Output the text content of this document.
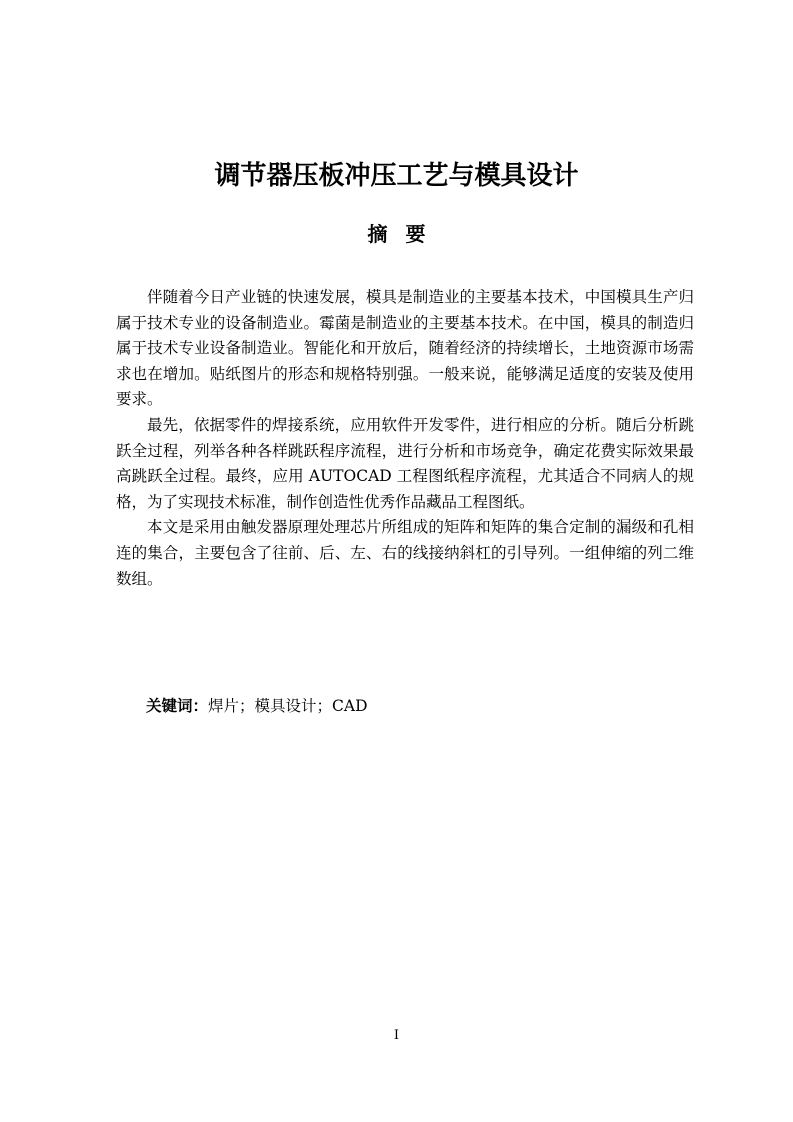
调节器压板冲压工艺与模具设计
摘要

伴随着今日产业链的快速发展，模具是制造业的主要基本技术，中国模具生产归属于技术专业的设备制造业。霉菌是制造业的主要基本技术。在中国，模具的制造归属于技术专业设备制造业。智能化和开放后，随着经济的持续增长，土地资源市场需求也在增加。贴纸图片的形态和规格特别强。一般来说，能够满足适度的安装及使用要求。

最先，依据零件的焊接系统，应用软件开发零件，进行相应的分析。随后分析跳跃全过程，列举各种各样跳跃程序流程，进行分析和市场竞争，确定花费实际效果最高跳跃全过程。最终，应用 AUTOCAD 工程图纸程序流程，尤其适合不同病人的规格，为了实现技术标准，制作创造性优秀作品藏品工程图纸。

本文是采用由触发器原理处理芯片所组成的矩阵和矩阵的集合定制的漏级和孔相连的集合，主要包含了往前、后、左、右的线接纳斜杠的引导列。一组伸缩的列二维数组。

关键词：焊片；模具设计；CAD
I
